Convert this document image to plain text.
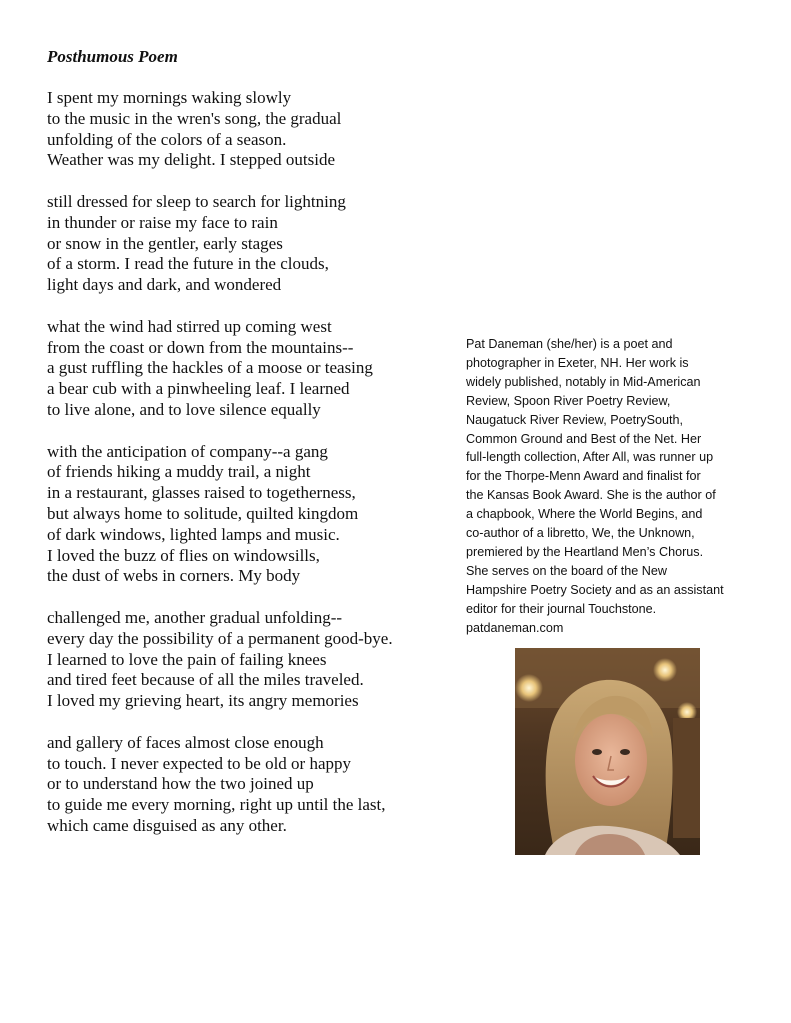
Posthumous Poem
I spent my mornings waking slowly
to the music in the wren's song, the gradual
unfolding of the colors of a season.
Weather was my delight. I stepped outside
still dressed for sleep to search for lightning
in thunder or raise my face to rain
or snow in the gentler, early stages
of a storm. I read the future in the clouds,
light days and dark, and wondered
what the wind had stirred up coming west
from the coast or down from the mountains--
a gust ruffling the hackles of a moose or teasing
a bear cub with a pinwheeling leaf. I learned
to live alone, and to love silence equally
with the anticipation of company--a gang
of friends hiking a muddy trail, a night
in a restaurant, glasses raised to togetherness,
but always home to solitude, quilted kingdom
of dark windows, lighted lamps and music.
I loved the buzz of flies on windowsills,
the dust of webs in corners. My body
challenged me, another gradual unfolding--
every day the possibility of a permanent good-bye.
I learned to love the pain of failing knees
and tired feet because of all the miles traveled.
I loved my grieving heart, its angry memories
and gallery of faces almost close enough
to touch. I never expected to be old or happy
or to understand how the two joined up
to guide me every morning, right up until the last,
which came disguised as any other.
Pat Daneman (she/her) is a poet and
photographer in Exeter, NH. Her work is
widely published, notably in Mid-American
Review, Spoon River Poetry Review,
Naugatuck River Review, PoetrySouth,
Common Ground and Best of the Net. Her
full-length collection, After All, was runner up
for the Thorpe-Menn Award and finalist for
the Kansas Book Award. She is the author of
a chapbook, Where the World Begins, and
co-author of a libretto, We, the Unknown,
premiered by the Heartland Men’s Chorus.
She serves on the board of the New
Hampshire Poetry Society and as an assistant
editor for their journal Touchstone.
patdaneman.com
